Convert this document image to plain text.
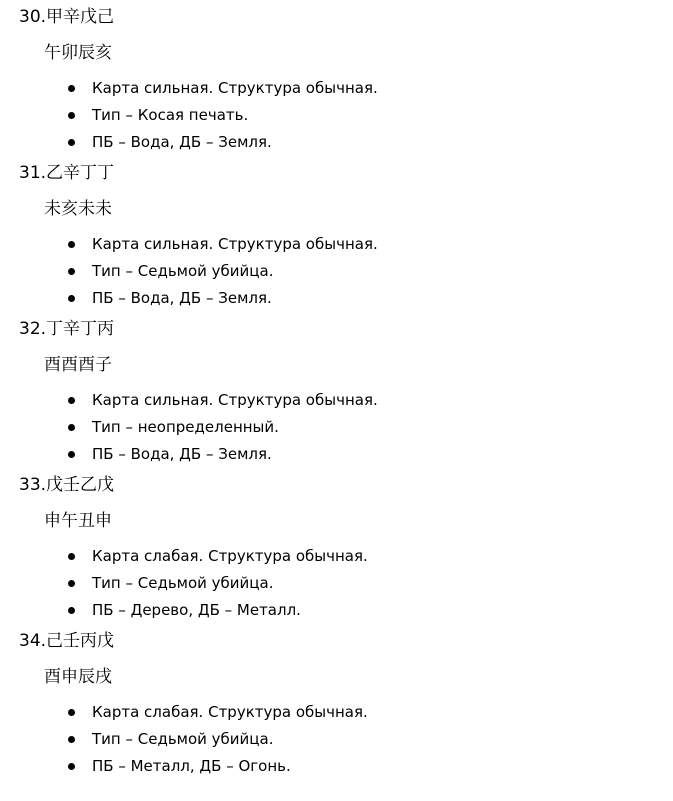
30.甲辛戊己
午卯辰亥
Карта сильная. Структура обычная.
Тип – Косая печать.
ПБ – Вода, ДБ – Земля.
31.乙辛丁丁
未亥未未
Карта сильная. Структура обычная.
Тип – Седьмой убийца.
ПБ – Вода, ДБ – Земля.
32.丁辛丁丙
酉酉酉子
Карта сильная. Структура обычная.
Тип – неопределенный.
ПБ – Вода, ДБ – Земля.
33.戊壬乙戊
申午丑申
Карта слабая. Структура обычная.
Тип – Седьмой убийца.
ПБ – Дерево, ДБ – Металл.
34.己壬丙戊
酉申辰戌
Карта слабая. Структура обычная.
Тип – Седьмой убийца.
ПБ – Металл, ДБ – Огонь.
